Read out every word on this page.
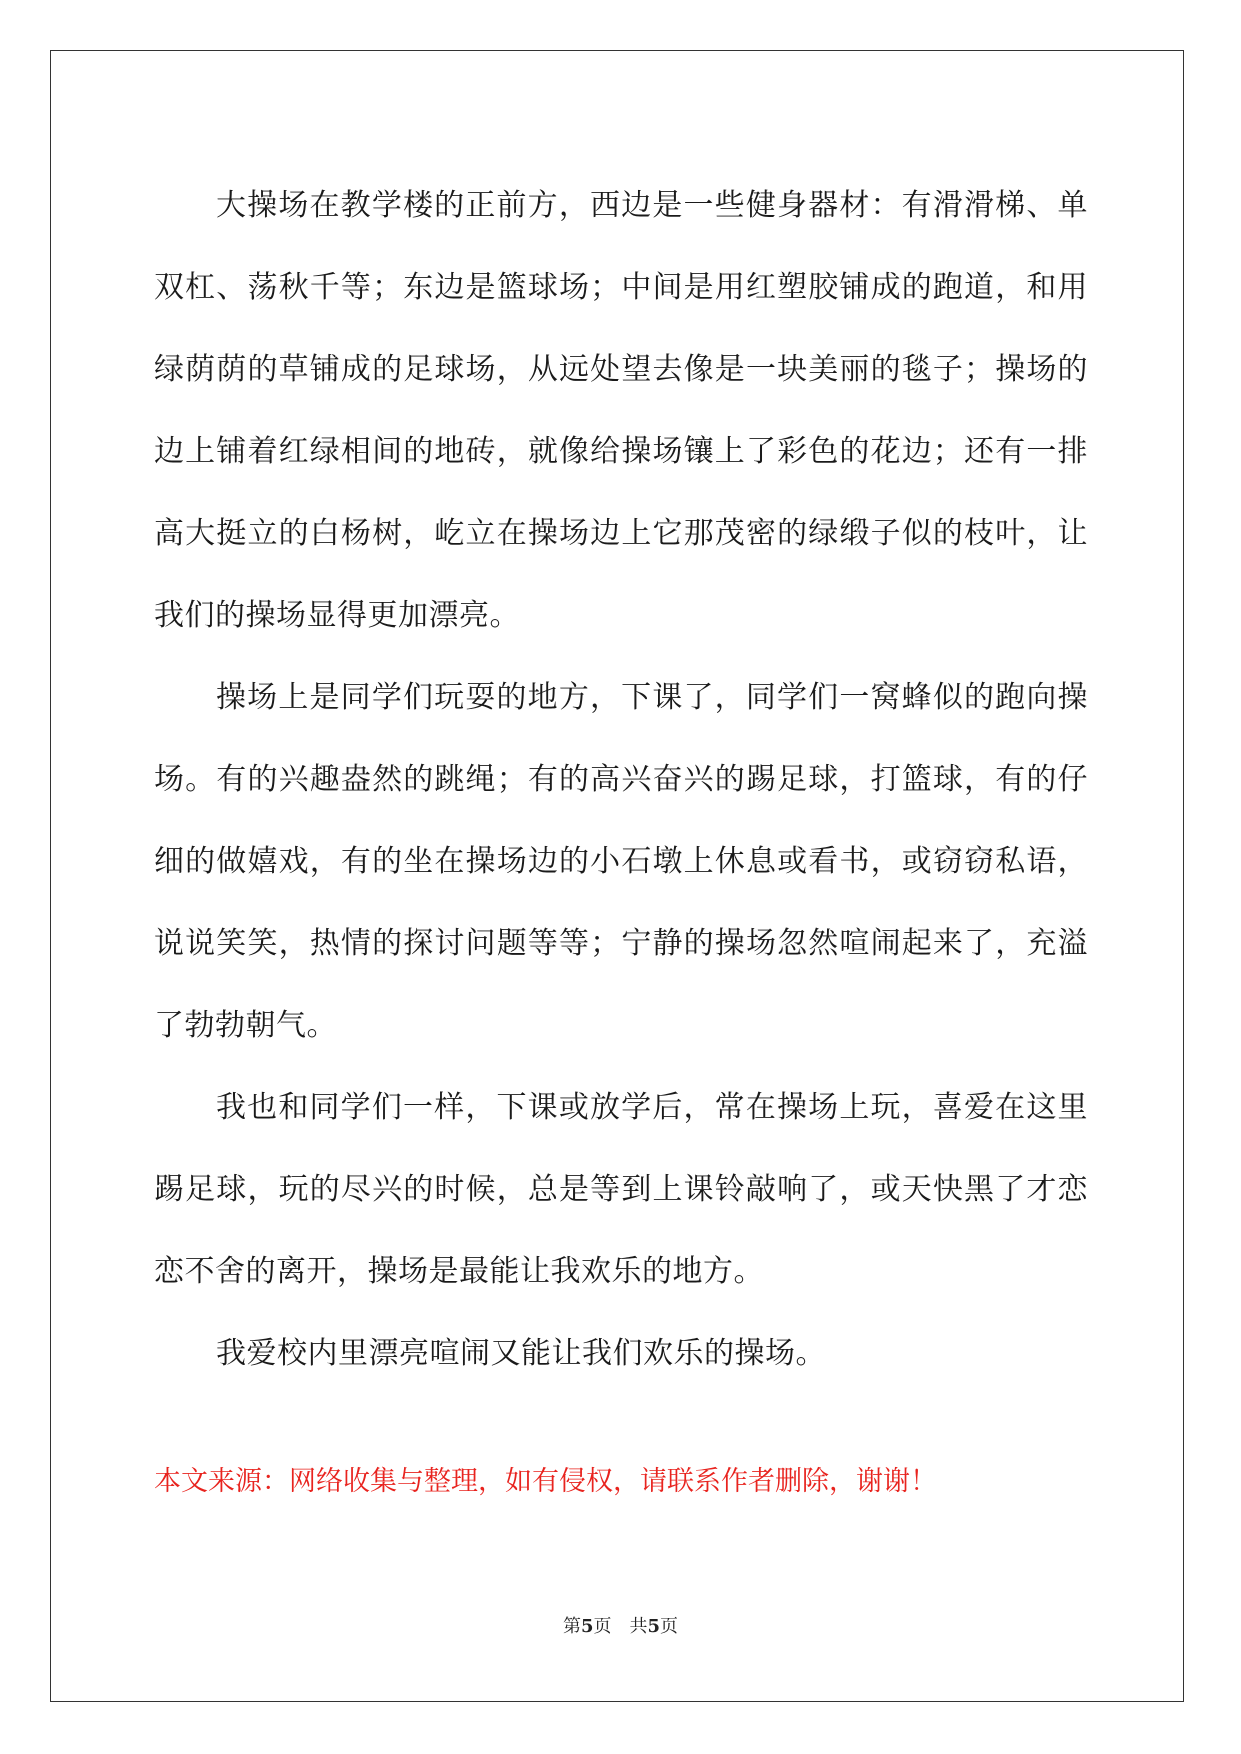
大操场在教学楼的正前方，西边是一些健身器材：有滑滑梯、单双杠、荡秋千等；东边是篮球场；中间是用红塑胶铺成的跑道，和用绿荫荫的草铺成的足球场，从远处望去像是一块美丽的毯子；操场的边上铺着红绿相间的地砖，就像给操场镶上了彩色的花边；还有一排高大挺立的白杨树，屹立在操场边上它那茂密的绿缎子似的枝叶，让我们的操场显得更加漂亮。

操场上是同学们玩耍的地方，下课了，同学们一窝蜂似的跑向操场。有的兴趣盎然的跳绳；有的高兴奋兴的踢足球，打篮球，有的仔细的做嬉戏，有的坐在操场边的小石墩上休息或看书，或窃窃私语，说说笑笑，热情的探讨问题等等；宁静的操场忽然喧闹起来了，充溢了勃勃朝气。

我也和同学们一样，下课或放学后，常在操场上玩，喜爱在这里踢足球，玩的尽兴的时候，总是等到上课铃敲响了，或天快黑了才恋恋不舍的离开，操场是最能让我欢乐的地方。

我爱校内里漂亮喧闹又能让我们欢乐的操场。

本文来源：网络收集与整理，如有侵权，请联系作者删除，谢谢！

第5页 共5页
